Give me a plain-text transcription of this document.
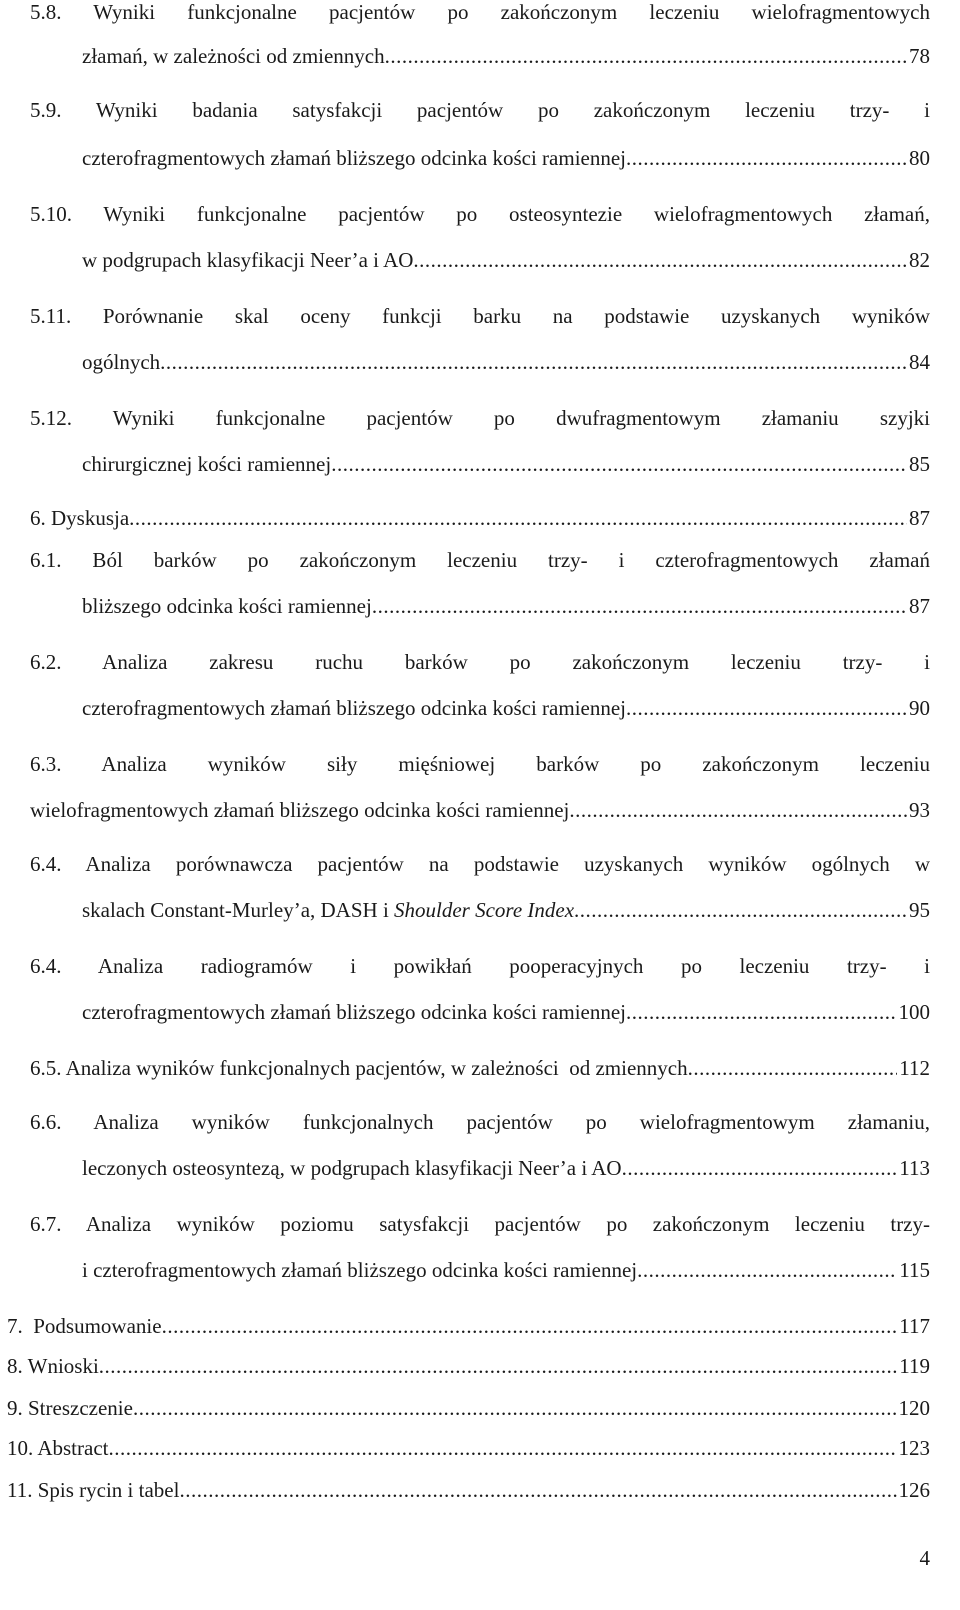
5.8. Wyniki funkcjonalne pacjentów po zakończonym leczeniu wielofragmentowych
złamań, w zależności od zmiennych .....	78
5.9. Wyniki badania satysfakcji pacjentów po zakończonym leczeniu trzy- i
czterofragmentowych złamań bliższego odcinka kości ramiennej .....	80
5.10. Wyniki funkcjonalne pacjentów po osteosyntezie wielofragmentowych złamań,
w podgrupach klasyfikacji Neer’a i AO .....	82
5.11. Porównanie skal oceny funkcji barku na podstawie uzyskanych wyników
ogólnych .....	84
5.12. Wyniki funkcjonalne pacjentów po dwufragmentowym złamaniu szyjki
chirurgicznej kości ramiennej .....	85
6. Dyskusja .....	87
6.1. Ból barków po zakończonym leczeniu trzy- i czterofragmentowych złamań
bliższego odcinka kości ramiennej .....	87
6.2. Analiza zakresu ruchu barków po zakończonym leczeniu trzy- i
czterofragmentowych złamań bliższego odcinka kości ramiennej .....	90
6.3. Analiza wyników siły mięśniowej barków po zakończonym leczeniu
wielofragmentowych złamań bliższego odcinka kości ramiennej .....	93
6.4. Analiza porównawcza pacjentów na podstawie uzyskanych wyników ogólnych w
skalach Constant-Murley’a, DASH i Shoulder Score Index .....	95
6.4. Analiza radiogramów i powikłań pooperacyjnych po leczeniu trzy- i
czterofragmentowych złamań bliższego odcinka kości ramiennej .....	100
6.5. Analiza wyników funkcjonalnych pacjentów, w zależności  od zmiennych .....	112
6.6. Analiza wyników funkcjonalnych pacjentów po wielofragmentowym złamaniu,
leczonych osteosyntezą, w podgrupach klasyfikacji Neer’a i AO .....	113
6.7. Analiza wyników poziomu satysfakcji pacjentów po zakończonym leczeniu trzy-
i czterofragmentowych złamań bliższego odcinka kości ramiennej .....	115
7.  Podsumowanie .....	117
8. Wnioski .....	119
9. Streszczenie .....	120
10. Abstract .....	123
11. Spis rycin i tabel .....	126
4
